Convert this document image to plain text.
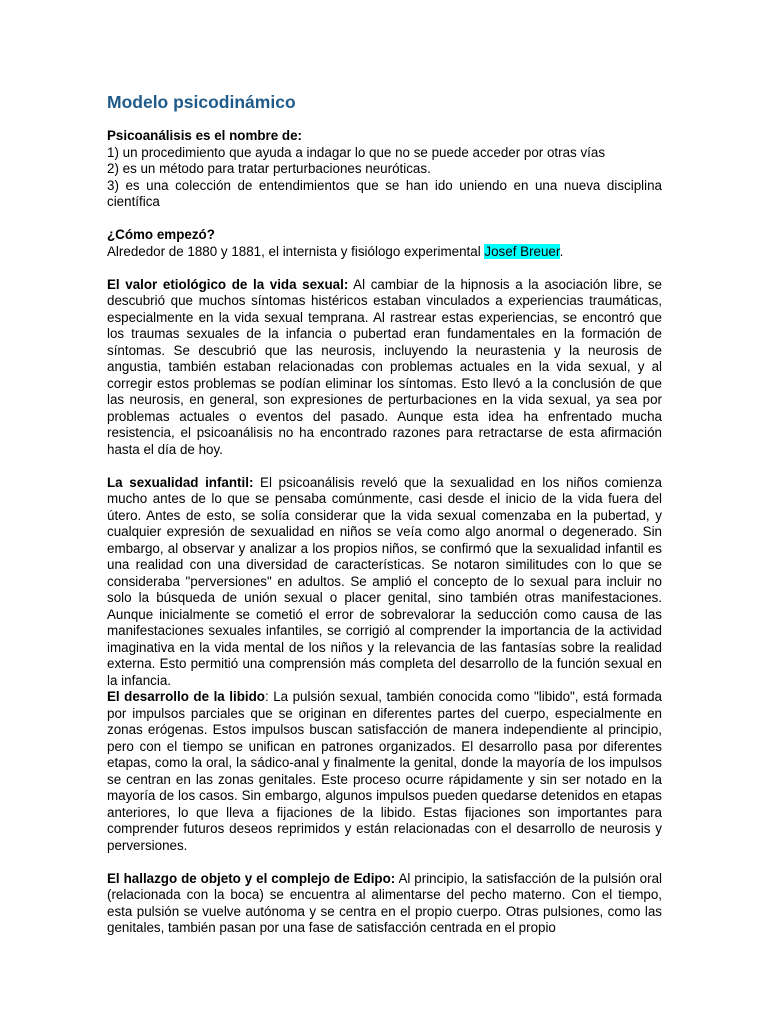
Modelo psicodinámico

Psicoanálisis es el nombre de:

1) un procedimiento que ayuda a indagar lo que no se puede acceder por otras vías

2) es un método para tratar perturbaciones neuróticas.

3) es una colección de entendimientos que se han ido uniendo en una nueva disciplina científica

¿Cómo empezó?

Alrededor de 1880 y 1881, el internista y fisiólogo experimental Josef Breuer.

El valor etiológico de la vida sexual: Al cambiar de la hipnosis a la asociación libre, se descubrió que muchos síntomas histéricos estaban vinculados a experiencias traumáticas, especialmente en la vida sexual temprana. Al rastrear estas experiencias, se encontró que los traumas sexuales de la infancia o pubertad eran fundamentales en la formación de síntomas. Se descubrió que las neurosis, incluyendo la neurastenia y la neurosis de angustia, también estaban relacionadas con problemas actuales en la vida sexual, y al corregir estos problemas se podían eliminar los síntomas. Esto llevó a la conclusión de que las neurosis, en general, son expresiones de perturbaciones en la vida sexual, ya sea por problemas actuales o eventos del pasado. Aunque esta idea ha enfrentado mucha resistencia, el psicoanálisis no ha encontrado razones para retractarse de esta afirmación hasta el día de hoy.

La sexualidad infantil: El psicoanálisis reveló que la sexualidad en los niños comienza mucho antes de lo que se pensaba comúnmente, casi desde el inicio de la vida fuera del útero. Antes de esto, se solía considerar que la vida sexual comenzaba en la pubertad, y cualquier expresión de sexualidad en niños se veía como algo anormal o degenerado. Sin embargo, al observar y analizar a los propios niños, se confirmó que la sexualidad infantil es una realidad con una diversidad de características. Se notaron similitudes con lo que se consideraba "perversiones" en adultos. Se amplió el concepto de lo sexual para incluir no solo la búsqueda de unión sexual o placer genital, sino también otras manifestaciones. Aunque inicialmente se cometió el error de sobrevalorar la seducción como causa de las manifestaciones sexuales infantiles, se corrigió al comprender la importancia de la actividad imaginativa en la vida mental de los niños y la relevancia de las fantasías sobre la realidad externa. Esto permitió una comprensión más completa del desarrollo de la función sexual en la infancia.

El desarrollo de la libido: La pulsión sexual, también conocida como "libido", está formada por impulsos parciales que se originan en diferentes partes del cuerpo, especialmente en zonas erógenas. Estos impulsos buscan satisfacción de manera independiente al principio, pero con el tiempo se unifican en patrones organizados. El desarrollo pasa por diferentes etapas, como la oral, la sádico-anal y finalmente la genital, donde la mayoría de los impulsos se centran en las zonas genitales. Este proceso ocurre rápidamente y sin ser notado en la mayoría de los casos. Sin embargo, algunos impulsos pueden quedarse detenidos en etapas anteriores, lo que lleva a fijaciones de la libido. Estas fijaciones son importantes para comprender futuros deseos reprimidos y están relacionadas con el desarrollo de neurosis y perversiones.

El hallazgo de objeto y el complejo de Edipo: Al principio, la satisfacción de la pulsión oral (relacionada con la boca) se encuentra al alimentarse del pecho materno. Con el tiempo, esta pulsión se vuelve autónoma y se centra en el propio cuerpo. Otras pulsiones, como las genitales, también pasan por una fase de satisfacción centrada en el propio
